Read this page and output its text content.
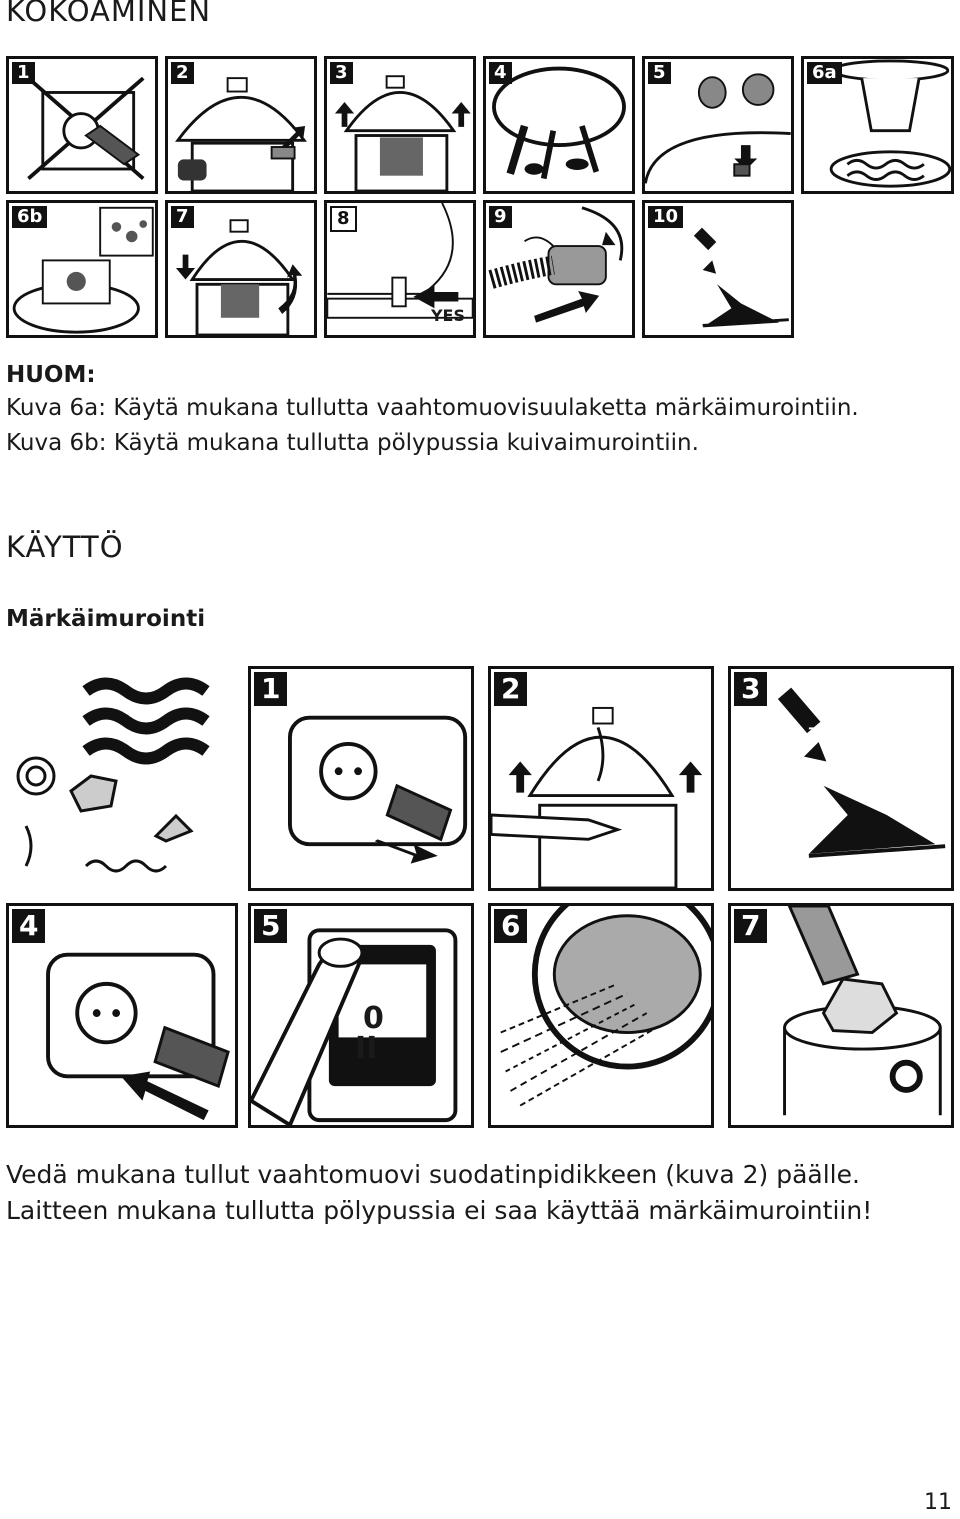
KOKOAMINEN
1	2	3	4	5	6a
6b	7	8
YES
9	10

HUOM:

Kuva 6a: Käytä mukana tullutta vaahtomuovisuulaketta märkäimurointiin.

Kuva 6b: Käytä mukana tullutta pölypussia kuivaimurointiin.

KÄYTTÖ
Märkäimurointi
1	2	3
4	5
0
II
6	7

Vedä mukana tullut vaahtomuovi suodatinpidikkeen (kuva 2) päälle.

Laitteen mukana tullutta pölypussia ei saa käyttää märkäimurointiin!

11
